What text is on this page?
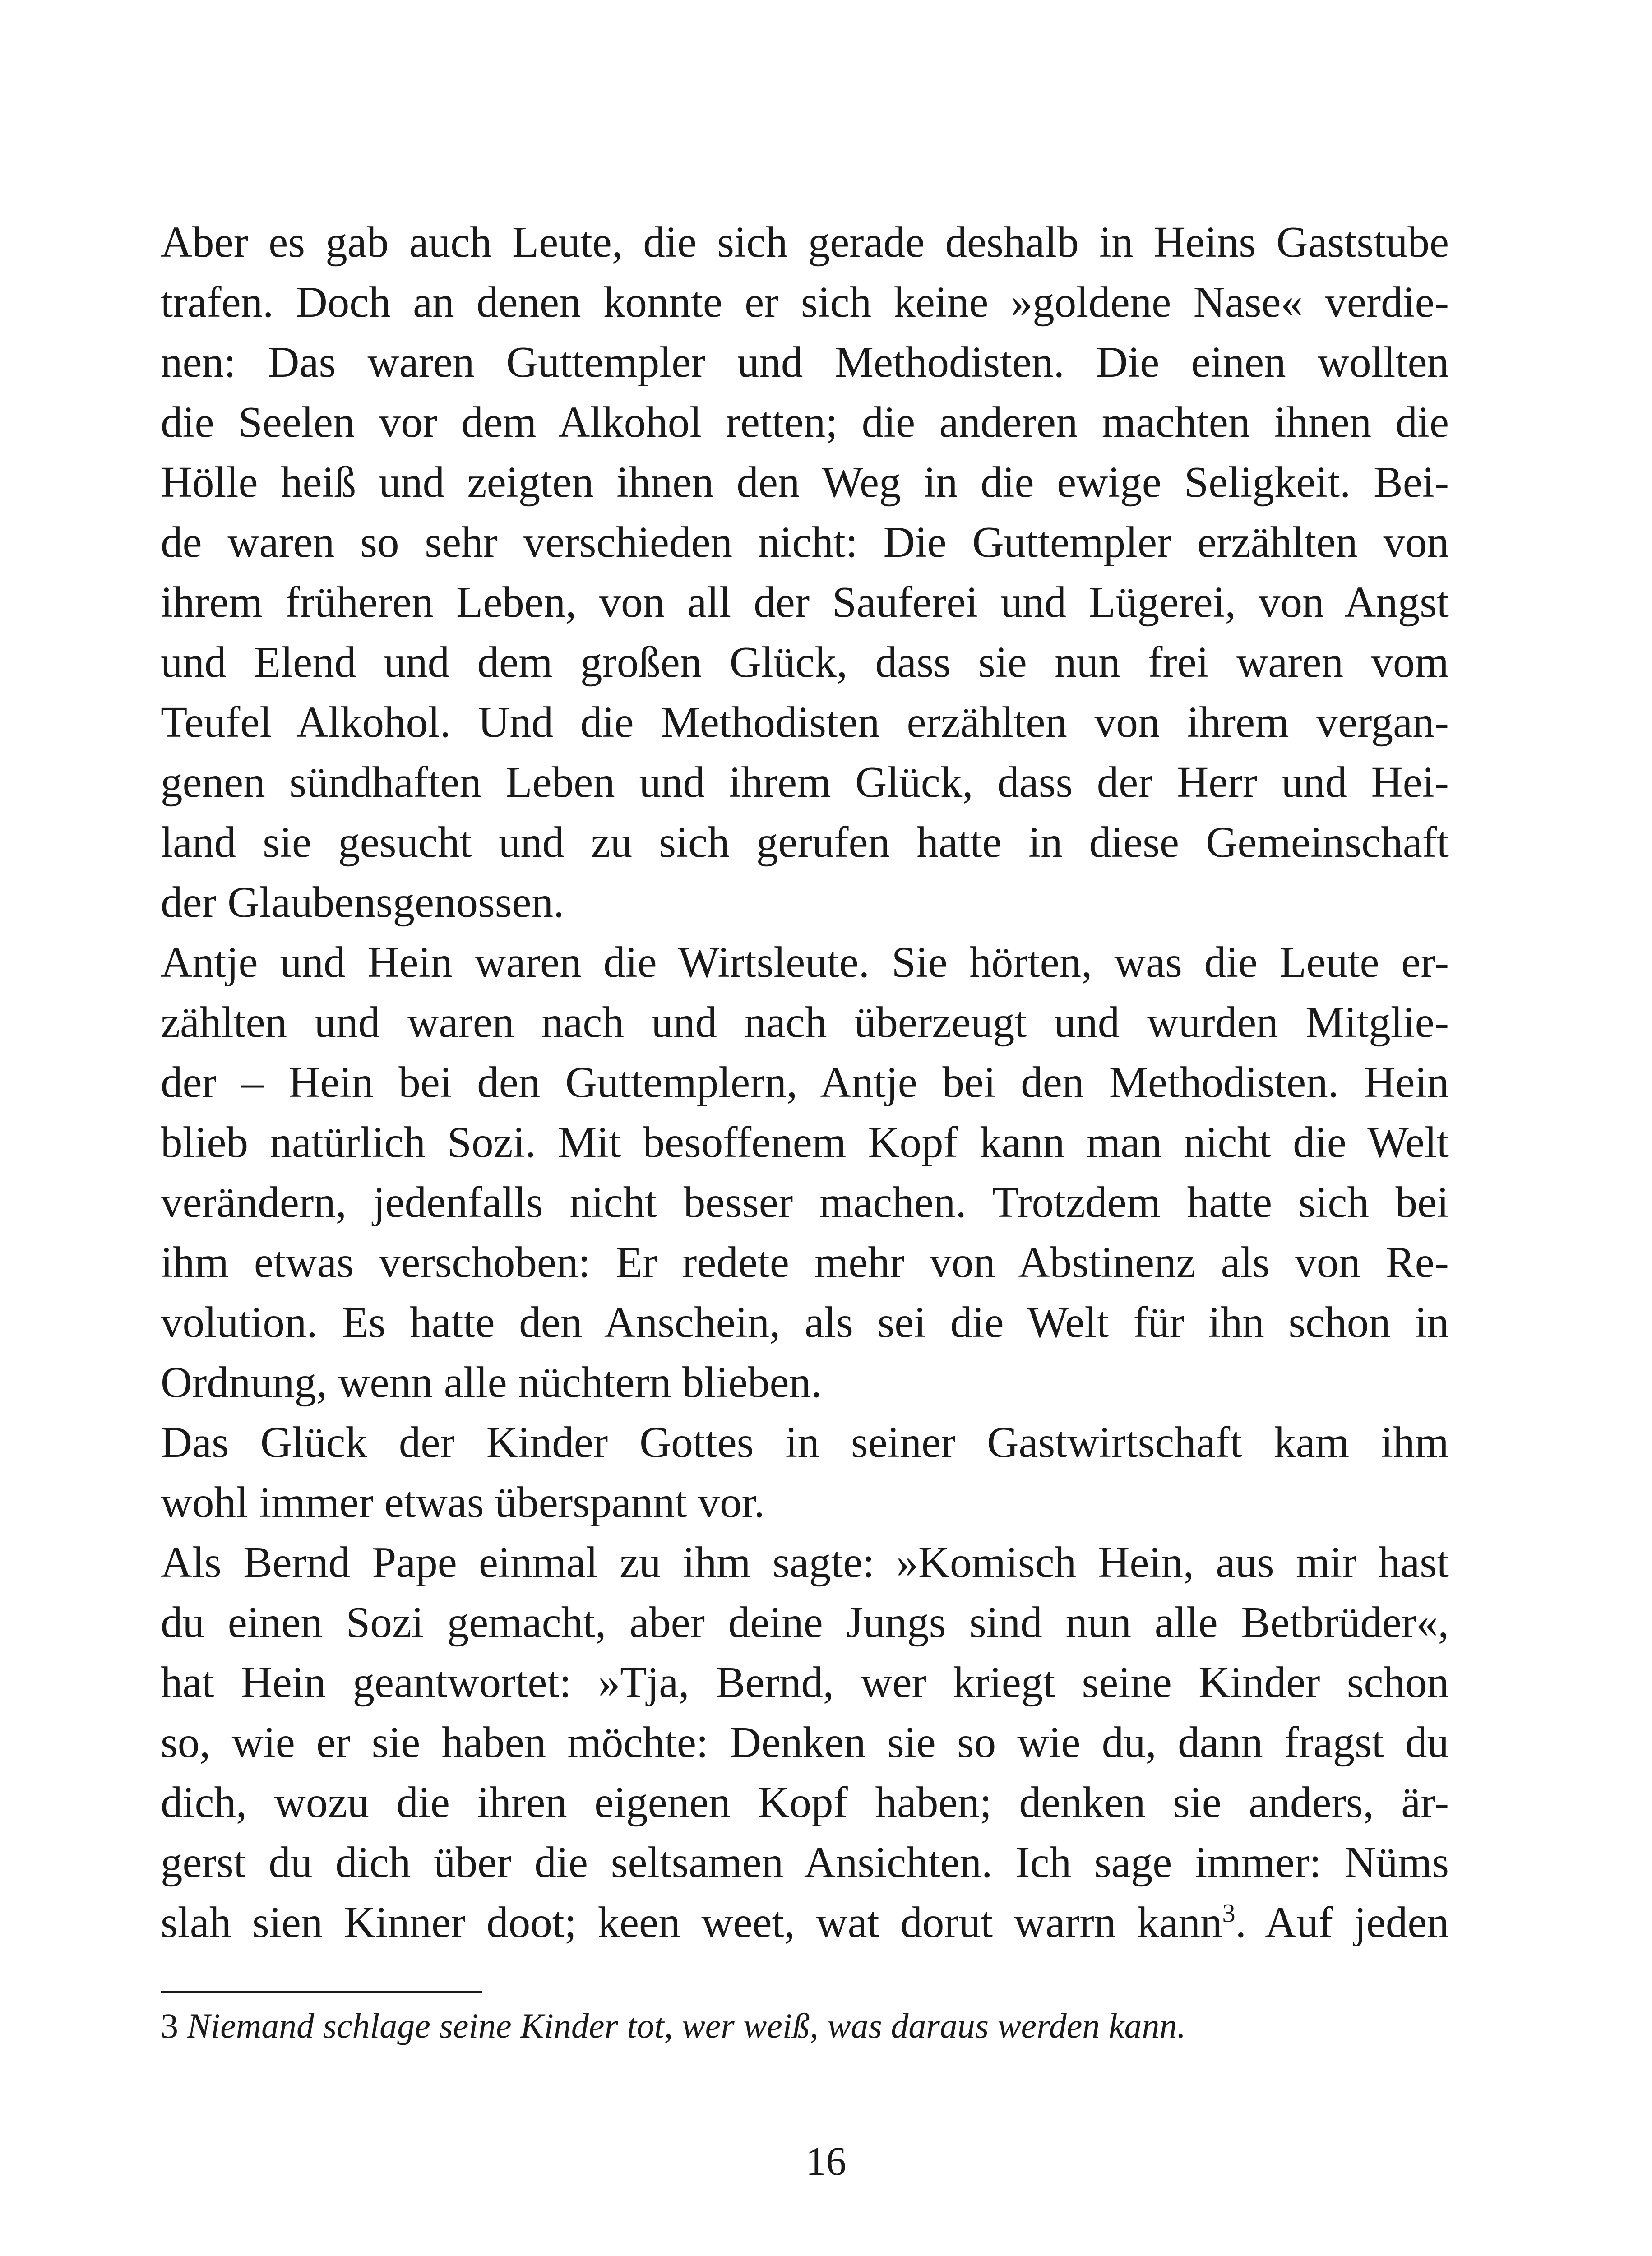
Aber es gab auch Leute, die sich gerade deshalb in Heins Gaststube
trafen. Doch an denen konnte er sich keine »goldene Nase« verdie-
nen: Das waren Guttempler und Methodisten. Die einen wollten
die Seelen vor dem Alkohol retten; die anderen machten ihnen die
Hölle heiß und zeigten ihnen den Weg in die ewige Seligkeit. Bei-
de waren so sehr verschieden nicht: Die Guttempler erzählten von
ihrem früheren Leben, von all der Sauferei und Lügerei, von Angst
und Elend und dem großen Glück, dass sie nun frei waren vom
Teufel Alkohol. Und die Methodisten erzählten von ihrem vergan-
genen sündhaften Leben und ihrem Glück, dass der Herr und Hei-
land sie gesucht und zu sich gerufen hatte in diese Gemeinschaft
der Glaubensgenossen.
Antje und Hein waren die Wirtsleute. Sie hörten, was die Leute er-
zählten und waren nach und nach überzeugt und wurden Mitglie-
der – Hein bei den Guttemplern, Antje bei den Methodisten. Hein
blieb natürlich Sozi. Mit besoffenem Kopf kann man nicht die Welt
verändern, jedenfalls nicht besser machen. Trotzdem hatte sich bei
ihm etwas verschoben: Er redete mehr von Abstinenz als von Re-
volution. Es hatte den Anschein, als sei die Welt für ihn schon in
Ordnung, wenn alle nüchtern blieben.
Das Glück der Kinder Gottes in seiner Gastwirtschaft kam ihm
wohl immer etwas überspannt vor.
Als Bernd Pape einmal zu ihm sagte: »Komisch Hein, aus mir hast
du einen Sozi gemacht, aber deine Jungs sind nun alle Betbrüder«,
hat Hein geantwortet: »Tja, Bernd, wer kriegt seine Kinder schon
so, wie er sie haben möchte: Denken sie so wie du, dann fragst du
dich, wozu die ihren eigenen Kopf haben; denken sie anders, är-
gerst du dich über die seltsamen Ansichten. Ich sage immer: Nüms
slah sien Kinner doot; keen weet, wat dorut warrn kann$^3$. Auf jeden
3 Niemand schlage seine Kinder tot, wer weiß, was daraus werden kann.
16
